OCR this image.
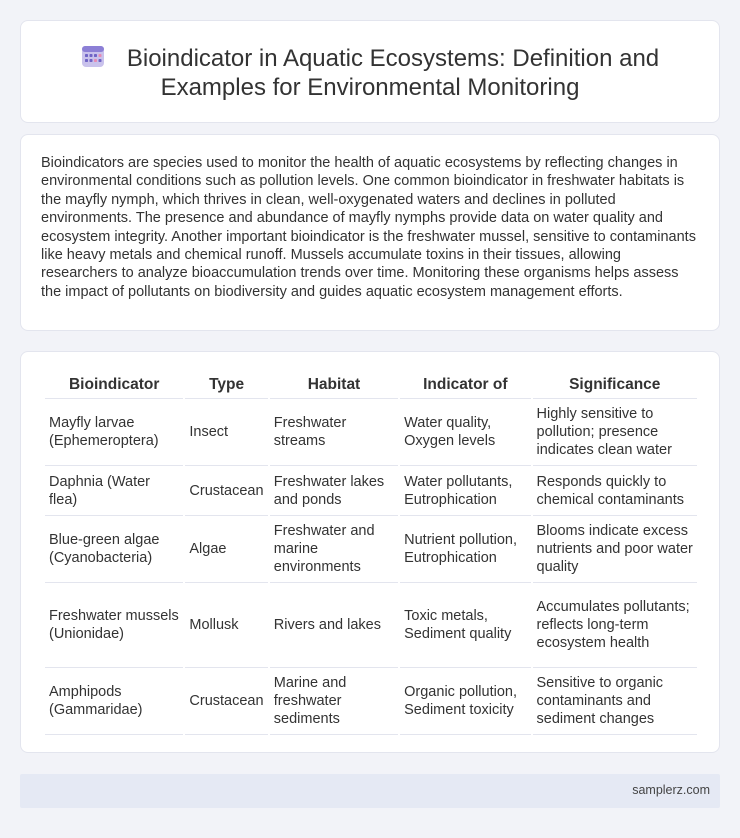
Bioindicator in Aquatic Ecosystems: Definition and Examples for Environmental Monitoring

Bioindicators are species used to monitor the health of aquatic ecosystems by reflecting changes in environmental conditions such as pollution levels. One common bioindicator in freshwater habitats is the mayfly nymph, which thrives in clean, well-oxygenated waters and declines in polluted environments. The presence and abundance of mayfly nymphs provide data on water quality and ecosystem integrity. Another important bioindicator is the freshwater mussel, sensitive to contaminants like heavy metals and chemical runoff. Mussels accumulate toxins in their tissues, allowing researchers to analyze bioaccumulation trends over time. Monitoring these organisms helps assess the impact of pollutants on biodiversity and guides aquatic ecosystem management efforts.

Bioindicator	Type	Habitat	Indicator of	Significance
Mayfly larvae (Ephemeroptera)	Insect	Freshwater streams	Water quality, Oxygen levels	Highly sensitive to pollution; presence indicates clean water
Daphnia (Water flea)	Crustacean	Freshwater lakes and ponds	Water pollutants, Eutrophication	Responds quickly to chemical contaminants
Blue-green algae (Cyanobacteria)	Algae	Freshwater and marine environments	Nutrient pollution, Eutrophication	Blooms indicate excess nutrients and poor water quality
Freshwater mussels (Unionidae)	Mollusk	Rivers and lakes	Toxic metals, Sediment quality	Accumulates pollutants; reflects long-term ecosystem health
Amphipods (Gammaridae)	Crustacean	Marine and freshwater sediments	Organic pollution, Sediment toxicity	Sensitive to organic contaminants and sediment changes
samplerz.com
